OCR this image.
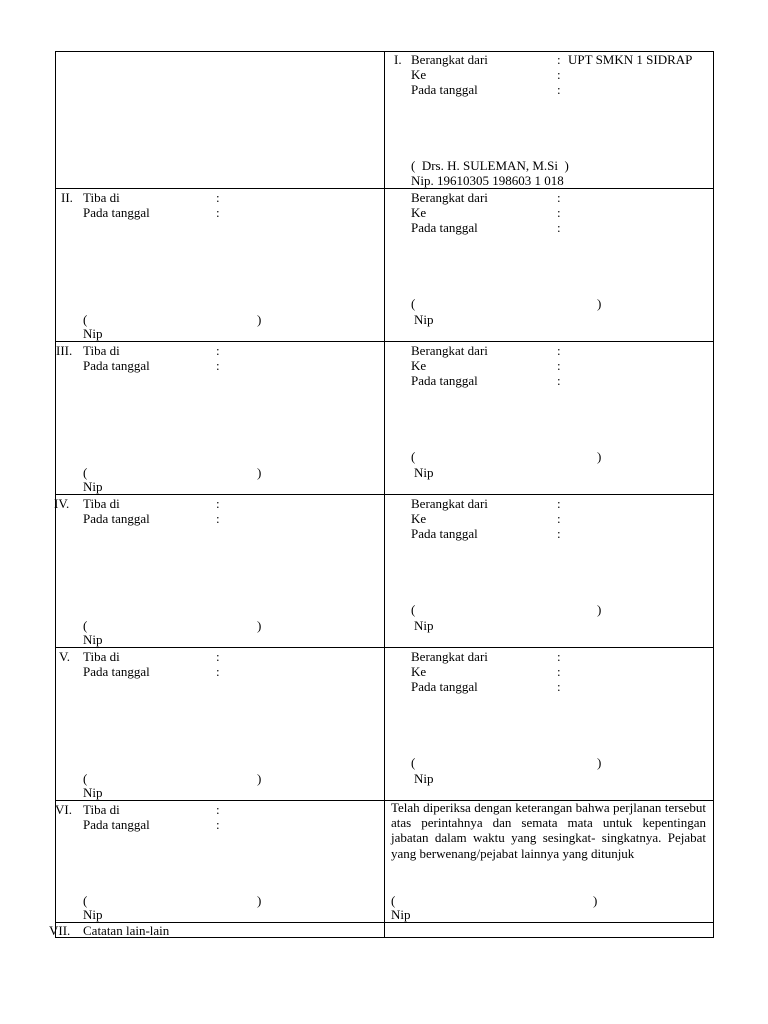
I. Berangkat dari	: UPT SMKN 1 SIDRAP
Ke	:
Pada tanggal	:
(  Drs. H. SULEMAN, M.Si  )
Nip. 19610305 198603 1 018
II. Tiba di	:
Pada tanggal	:
(	)
Nip
Berangkat dari	:
Ke	:
Pada tanggal	:
(	)
Nip
III. Tiba di	:
Pada tanggal	:
(	)
Nip
Berangkat dari	:
Ke	:
Pada tanggal	:
(	)
Nip
IV. Tiba di	:
Pada tanggal	:
(	)
Nip
Berangkat dari	:
Ke	:
Pada tanggal	:
(	)
Nip
V. Tiba di	:
Pada tanggal	:
(	)
Nip
Berangkat dari	:
Ke	:
Pada tanggal	:
(	)
Nip
VI. Tiba di	:
Pada tanggal	:
(	)
Nip
Telah diperiksa dengan keterangan bahwa perjlanan tersebut atas perintahnya dan semata mata untuk kepentingan jabatan dalam waktu yang sesingkat- singkatnya. Pejabat yang berwenang/pejabat lainnya yang ditunjuk
(	)
Nip
VII. Catatan lain-lain
